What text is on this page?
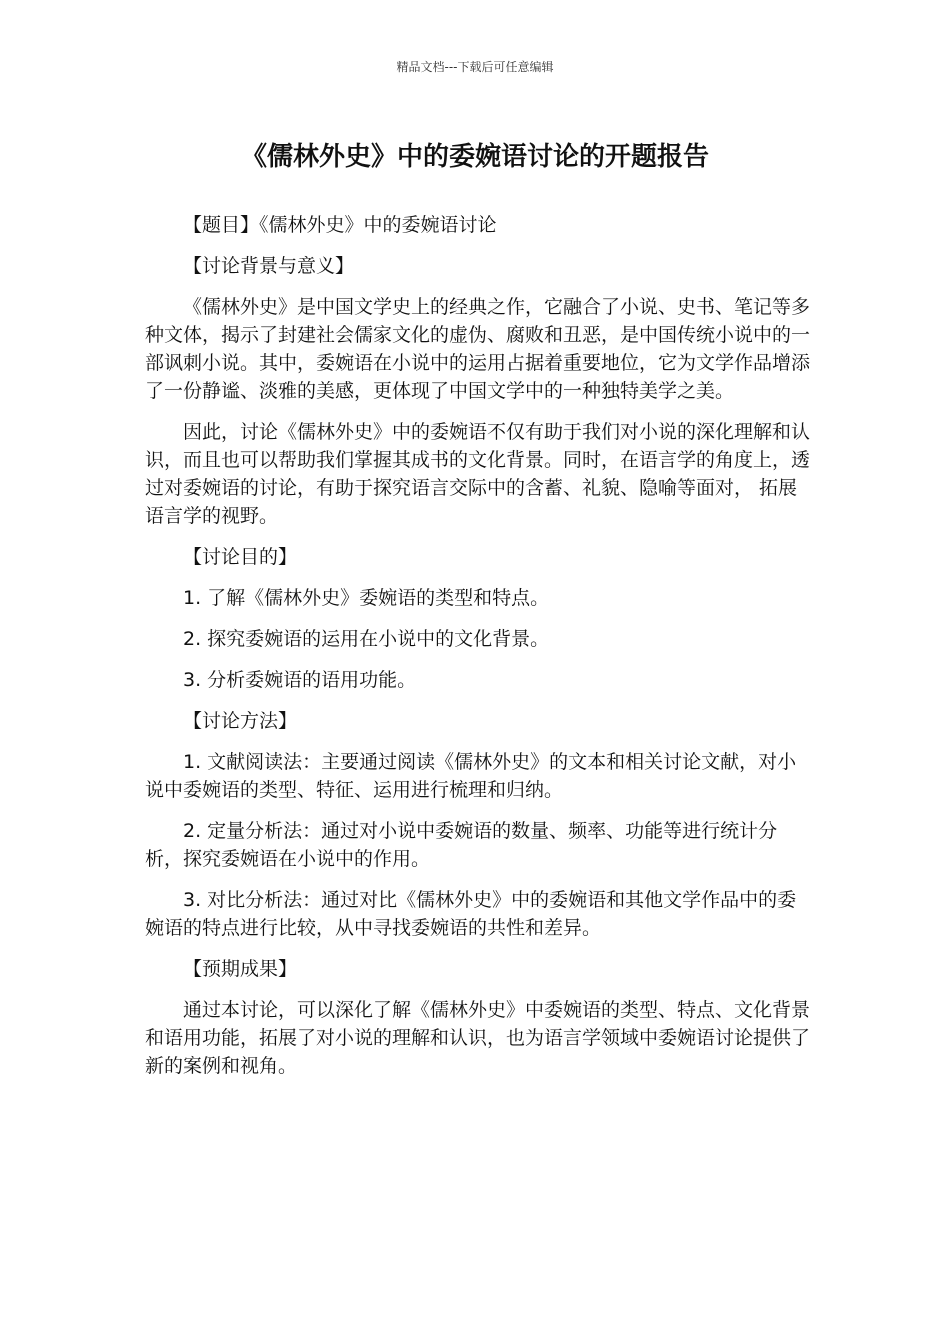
精品文档---下载后可任意编辑
《儒林外史》中的委婉语讨论的开题报告

【题目】《儒林外史》中的委婉语讨论

【讨论背景与意义】

《儒林外史》是中国文学史上的经典之作，它融合了小说、史书、笔记等多种文体，揭示了封建社会儒家文化的虚伪、腐败和丑恶，是中国传统小说中的一部讽刺小说。其中，委婉语在小说中的运用占据着重要地位，它为文学作品增添了一份静谧、淡雅的美感，更体现了中国文学中的一种独特美学之美。

因此，讨论《儒林外史》中的委婉语不仅有助于我们对小说的深化理解和认识，而且也可以帮助我们掌握其成书的文化背景。同时，在语言学的角度上，透过对委婉语的讨论，有助于探究语言交际中的含蓄、礼貌、隐喻等面对， 拓展语言学的视野。

【讨论目的】

1. 了解《儒林外史》委婉语的类型和特点。

2. 探究委婉语的运用在小说中的文化背景。

3. 分析委婉语的语用功能。

【讨论方法】

1. 文献阅读法：主要通过阅读《儒林外史》的文本和相关讨论文献，对小说中委婉语的类型、特征、运用进行梳理和归纳。

2. 定量分析法：通过对小说中委婉语的数量、频率、功能等进行统计分析，探究委婉语在小说中的作用。

3. 对比分析法：通过对比《儒林外史》中的委婉语和其他文学作品中的委婉语的特点进行比较，从中寻找委婉语的共性和差异。

【预期成果】

通过本讨论，可以深化了解《儒林外史》中委婉语的类型、特点、文化背景和语用功能，拓展了对小说的理解和认识，也为语言学领域中委婉语讨论提供了新的案例和视角。
